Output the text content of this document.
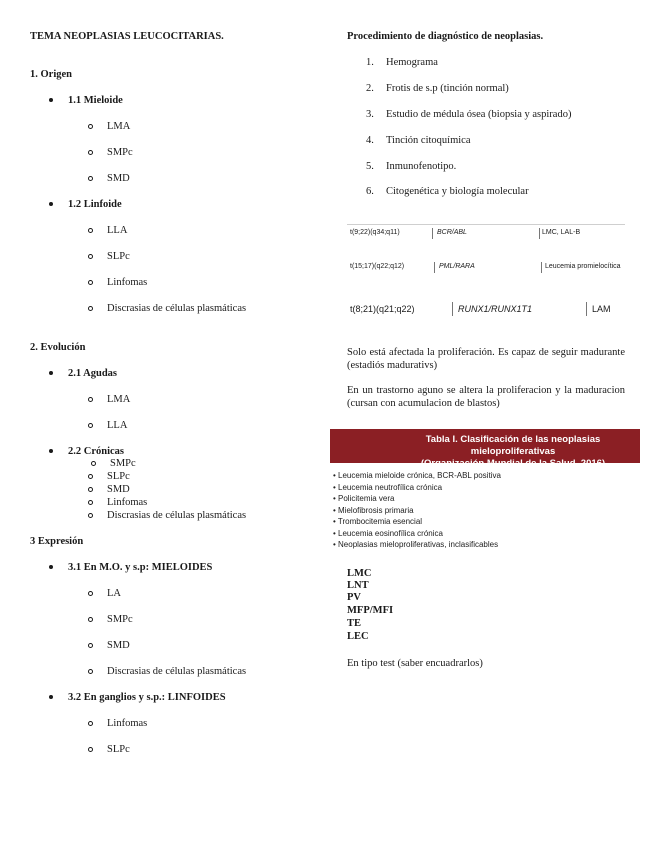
TEMA NEOPLASIAS LEUCOCITARIAS.
1. Origen
1.1 Mieloide
LMA
SMPc
SMD
1.2 Linfoide
LLA
SLPc
Linfomas
Discrasias de células plasmáticas
2. Evolución
2.1 Agudas
LMA
LLA
2.2 Crónicas
SMPc
SLPc
SMD
Linfomas
Discrasias de células plasmáticas
3 Expresión
3.1 En M.O. y s.p: MIELOIDES
LA
SMPc
SMD
Discrasias de células plasmáticas
3.2 En ganglios y s.p.: LINFOIDES
Linfomas
SLPc
Procedimiento de diagnóstico de neoplasias.
1. Hemograma
2. Frotis de s.p (tinción normal)
3. Estudio de médula ósea (biopsia y aspirado)
4. Tinción citoquímica
5. Inmunofenotipo.
6. Citogenética y biología molecular
t(9;22)(q34;q11)	BCR/ABL	LMC, LAL-B
t(15;17)(q22;q12)	PML/RARA	Leucemia promielocítica
t(8;21)(q21;q22)	RUNX1/RUNX1T1	LAM
Solo está afectada la proliferación. Es capaz de seguir madurante (estadiós madurativs)
En un trastorno aguno se altera la proliferacion y la maduracion (cursan con acumulacion de blastos)
Tabla I. Clasificación de las neoplasias mieloproliferativas
(Organización Mundial de la Salud, 2016)
• Leucemia mieloide crónica, BCR-ABL positiva
• Leucemia neutrofílica crónica
• Policitemia vera
• Mielofibrosis primaria
• Trombocitemia esencial
• Leucemia eosinofílica crónica
• Neoplasias mieloproliferativas, inclasificables
LMC
LNT
PV
MFP/MFI
TE
LEC
En tipo test (saber encuadrarlos)
